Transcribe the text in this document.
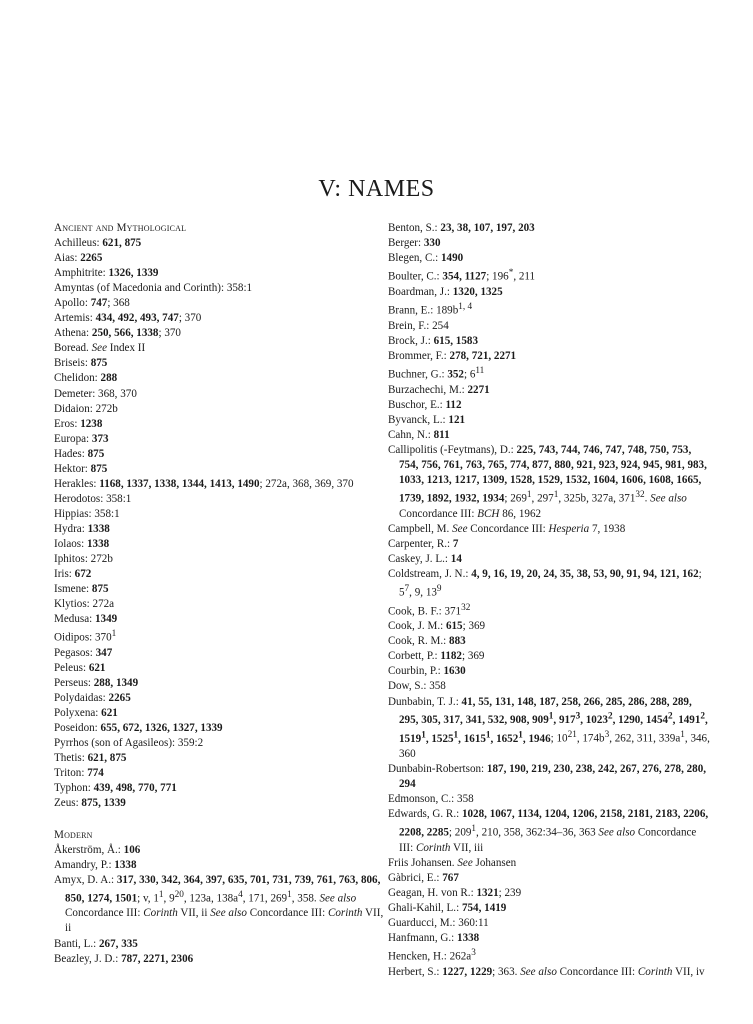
V: NAMES
Ancient and Mythological
Achilleus: 621, 875
Aias: 2265
Amphitrite: 1326, 1339
Amyntas (of Macedonia and Corinth): 358:1
Apollo: 747; 368
Artemis: 434, 492, 493, 747; 370
Athena: 250, 566, 1338; 370
Boread. See Index II
Briseis: 875
Chelidon: 288
Demeter: 368, 370
Didaion: 272b
Eros: 1238
Europa: 373
Hades: 875
Hektor: 875
Herakles: 1168, 1337, 1338, 1344, 1413, 1490; 272a, 368, 369, 370
Herodotos: 358:1
Hippias: 358:1
Hydra: 1338
Iolaos: 1338
Iphitos: 272b
Iris: 672
Ismene: 875
Klytios: 272a
Medusa: 1349
Oidipos: $370^1$
Pegasos: 347
Peleus: 621
Perseus: 288, 1349
Polydaidas: 2265
Polyxena: 621
Poseidon: 655, 672, 1326, 1327, 1339
Pyrrhos (son of Agasileos): 359:2
Thetis: 621, 875
Triton: 774
Typhon: 439, 498, 770, 771
Zeus: 875, 1339
Modern
Åkerström, Å.: 106
Amandry, P.: 1338
Amyx, D. A.: 317, 330, 342, 364, 397, 635, 701, 731, 739, 761, 763, 806, 850, 1274, 1501; v, $1^1$, $9^{20}$, 123a, $138a^4$, 171, $269^1$, 358. See also Concordance III: Corinth VII, ii See also Concordance III: Corinth VII, ii
Banti, L.: 267, 335
Beazley, J. D.: 787, 2271, 2306
Benton, S.: 23, 38, 107, 197, 203
Berger: 330
Blegen, C.: 1490
Boulter, C.: 354, 1127; 196*, 211
Boardman, J.: 1320, 1325
Brann, E.: $189b^{1, 4}$
Brein, F.: 254
Brock, J.: 615, 1583
Brommer, F.: 278, 721, 2271
Buchner, G.: 352; $6^{11}$
Burzachechi, M.: 2271
Buschor, E.: 112
Byvanck, L.: 121
Cahn, N.: 811
Callipolitis (-Feytmans), D.: 225, 743, 744, 746, 747, 748, 750, 753, 754, 756, 761, 763, 765, 774, 877, 880, 921, 923, 924, 945, 981, 983, 1033, 1213, 1217, 1309, 1528, 1529, 1532, 1604, 1606, 1608, 1665, 1739, 1892, 1932, 1934; $269^1$, $297^1$, 325b, 327a, $371^{32}$. See also Concordance III: BCH 86, 1962
Campbell, M. See Concordance III: Hesperia 7, 1938
Carpenter, R.: 7
Caskey, J. L.: 14
Coldstream, J. N.: 4, 9, 16, 19, 20, 24, 35, 38, 53, 90, 91, 94, 121, 162; $5^7$, 9, $13^9$
Cook, B. F.: $371^{32}$
Cook, J. M.: 615; 369
Cook, R. M.: 883
Corbett, P.: 1182; 369
Courbin, P.: 1630
Dow, S.: 358
Dunbabin, T. J.: 41, 55, 131, 148, 187, 258, 266, 285, 286, 288, 289, 295, 305, 317, 341, 532, 908, $909^1$, $917^3$, 1023$^2$, 1290, 1454$^2$, 1491$^2$, 1519$^1$, 1525$^1$, 1615$^1$, 1652$^1$, 1946; $10^{21}$, $174b^3$, 262, 311, $339a^1$, 346, 360
Dunbabin-Robertson: 187, 190, 219, 230, 238, 242, 267, 276, 278, 280, 294
Edmonson, C.: 358
Edwards, G. R.: 1028, 1067, 1134, 1204, 1206, 2158, 2181, 2183, 2206, 2208, 2285; $209^1$, 210, 358, 362:34–36, 363 See also Concordance III: Corinth VII, iii
Friis Johansen. See Johansen
Gàbrici, E.: 767
Geagan, H. von R.: 1321; 239
Ghali-Kahil, L.: 754, 1419
Guarducci, M.: 360:11
Hanfmann, G.: 1338
Hencken, H.: $262a^3$
Herbert, S.: 1227, 1229; 363. See also Concordance III: Corinth VII, iv
